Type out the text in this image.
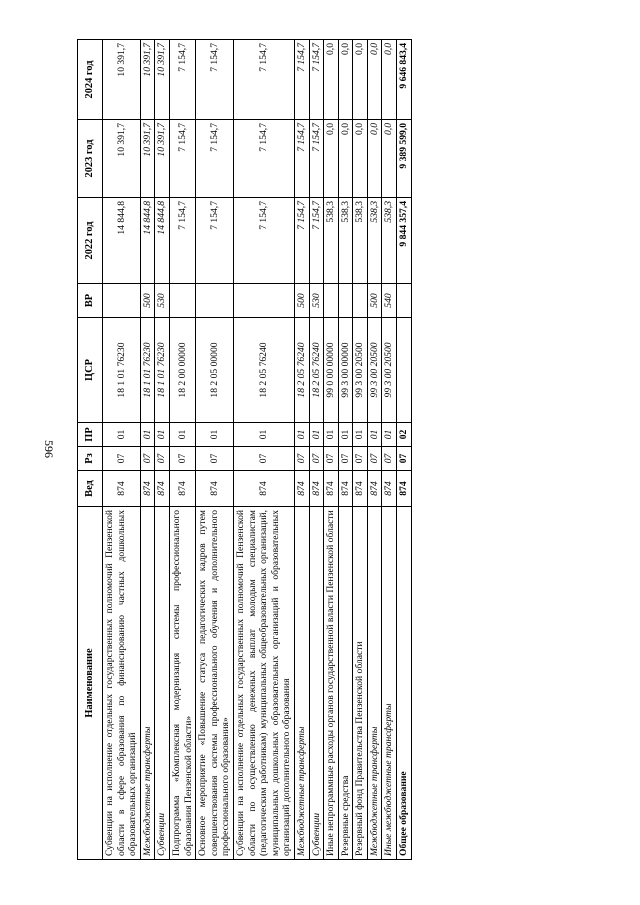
596
Наименование	Вед	Рз	ПР	ЦСР	ВР	2022 год	2023 год	2024 год
Субвенции на исполнение отдельных государственных полномочий Пензенской области в сфере образования по финансированию частных дошкольных образовательных организаций	874	07	01	18 1 01 76230		14 844,8	10 391,7	10 391,7
Межбюджетные трансферты	874	07	01	18 1 01 76230	500	14 844,8	10 391,7	10 391,7
Субвенции	874	07	01	18 1 01 76230	530	14 844,8	10 391,7	10 391,7
Подпрограмма «Комплексная модернизация системы профессионального образования Пензенской области»	874	07	01	18 2 00 00000		7 154,7	7 154,7	7 154,7
Основное мероприятие «Повышение статуса педагогических кадров путем совершенствования системы профессионального обучения и дополнительного профессионального образования»	874	07	01	18 2 05 00000		7 154,7	7 154,7	7 154,7
Субвенции на исполнение отдельных государственных полномочий Пензенской области по осуществлению денежных выплат молодым специалистам (педагогическим работникам) муниципальных общеобразовательных организаций, муниципальных дошкольных образовательных организаций и образовательных организаций дополнительного образования	874	07	01	18 2 05 76240		7 154,7	7 154,7	7 154,7
Межбюджетные трансферты	874	07	01	18 2 05 76240	500	7 154,7	7 154,7	7 154,7
Субвенции	874	07	01	18 2 05 76240	530	7 154,7	7 154,7	7 154,7
Иные непрограммные расходы органов государственной власти Пензенской области	874	07	01	99 0 00 00000		538,3	0,0	0,0
Резервные средства	874	07	01	99 3 00 00000		538,3	0,0	0,0
Резервный фонд Правительства Пензенской области	874	07	01	99 3 00 20500		538,3	0,0	0,0
Межбюджетные трансферты	874	07	01	99 3 00 20500	500	538,3	0,0	0,0
Иные межбюджетные трансферты	874	07	01	99 3 00 20500	540	538,3	0,0	0,0
Общее образование	874	07	02			9 844 357,4	9 389 599,0	9 646 843,4
